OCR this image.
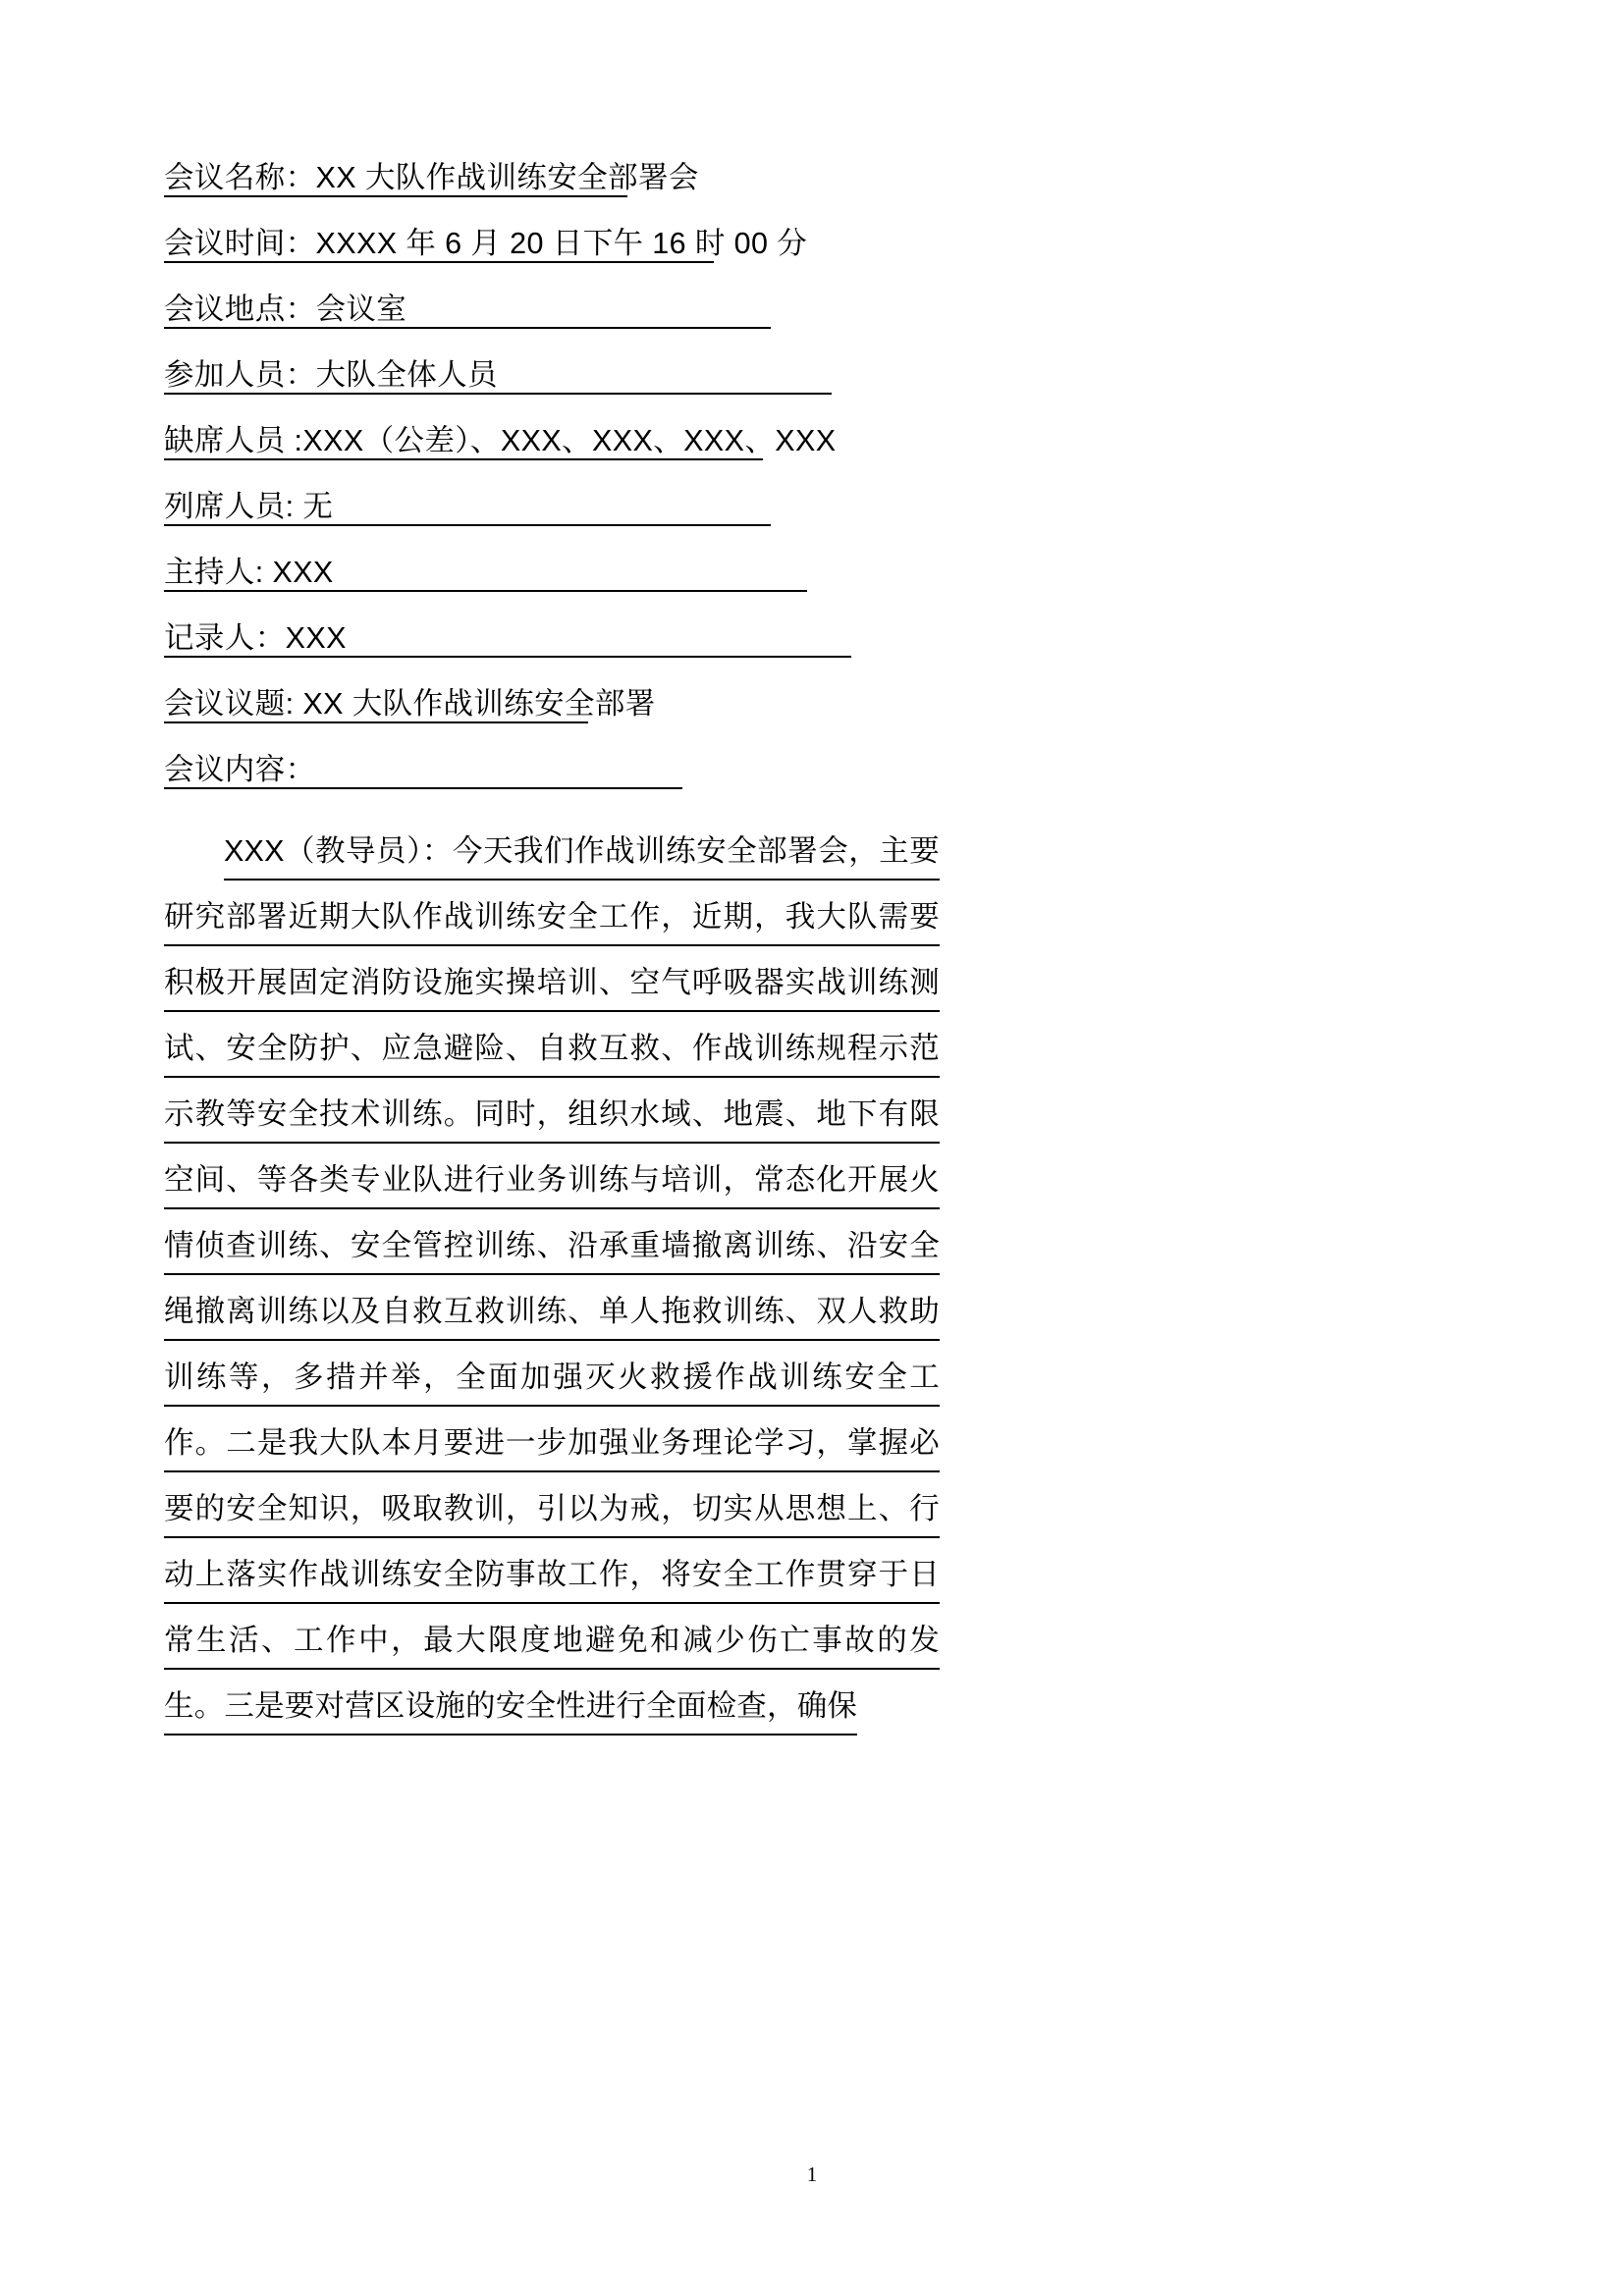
会议名称：XX 大队作战训练安全部署会
会议时间：XXXX 年 6 月 20 日下午 16 时 00 分
会议地点：会议室
参加人员：大队全体人员
缺席人员 :XXX（公差）、XXX、XXX、XXX、XXX
列席人员: 无
主持人: XXX
记录人：XXX
会议议题: XX 大队作战训练安全部署
会议内容：
XXX（教导员）：今天我们作战训练安全部署会，主要研究部署近期大队作战训练安全工作，近期，我大队需要积极开展固定消防设施实操培训、空气呼吸器实战训练测试、安全防护、应急避险、自救互救、作战训练规程示范示教等安全技术训练。同时，组织水域、地震、地下有限空间、等各类专业队进行业务训练与培训，常态化开展火情侦查训练、安全管控训练、沿承重墙撤离训练、沿安全绳撤离训练以及自救互救训练、单人拖救训练、双人救助训练等，多措并举，全面加强灭火救援作战训练安全工作。二是我大队本月要进一步加强业务理论学习，掌握必要的安全知识，吸取教训，引以为戒，切实从思想上、行动上落实作战训练安全防事故工作，将安全工作贯穿于日常生活、工作中，最大限度地避免和减少伤亡事故的发生。三是要对营区设施的安全性进行全面检查，确保
1
